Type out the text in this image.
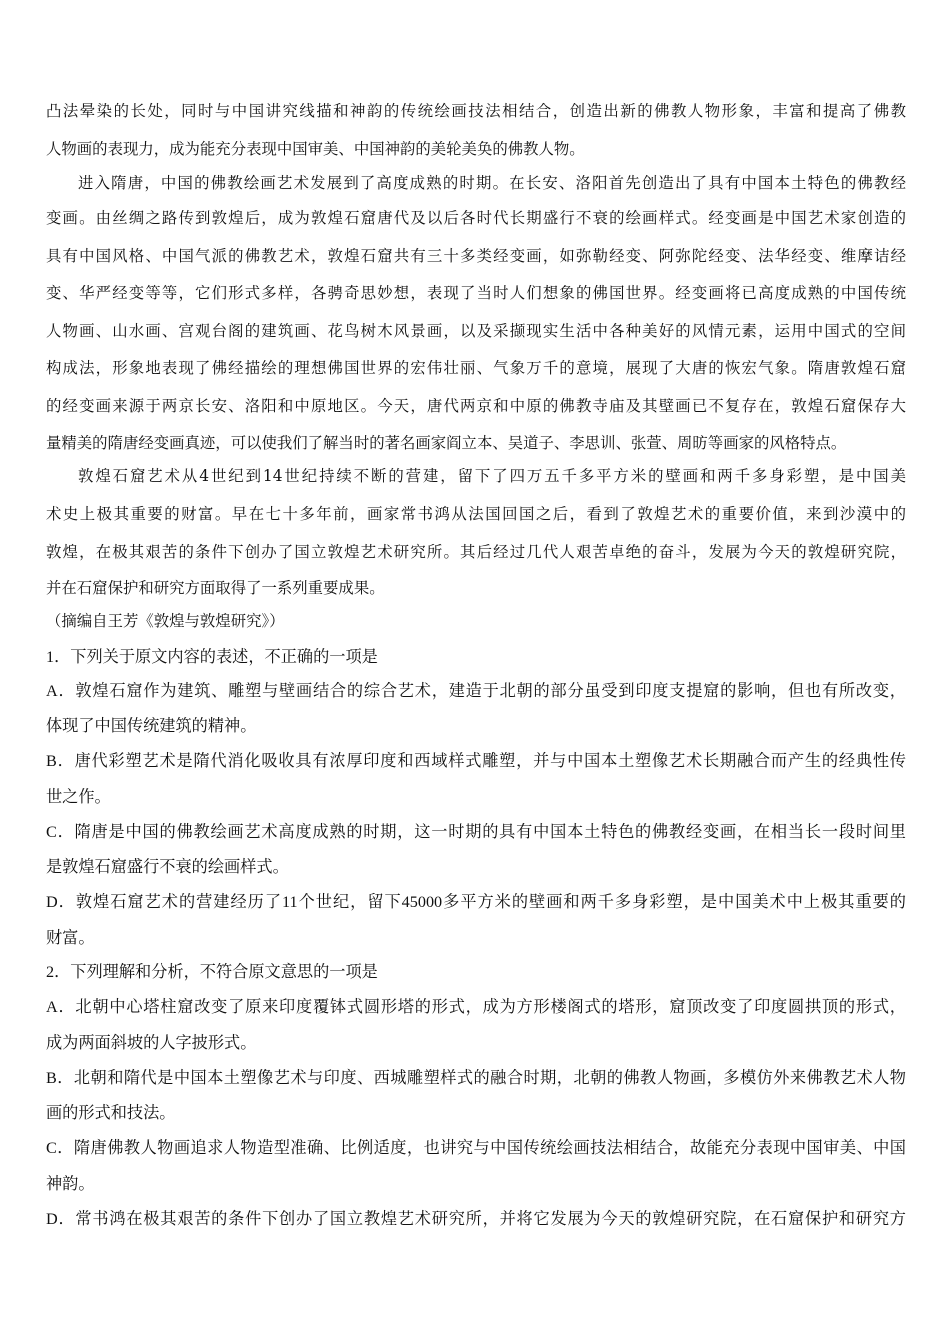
凸法晕染的长处，同时与中国讲究线描和神韵的传统绘画技法相结合，创造出新的佛教人物形象，丰富和提高了佛教
人物画的表现力，成为能充分表现中国审美、中国神韵的美轮美奂的佛教人物。
进入隋唐，中国的佛教绘画艺术发展到了高度成熟的时期。在长安、洛阳首先创造出了具有中国本土特色的佛教经
变画。由丝绸之路传到敦煌后，成为敦煌石窟唐代及以后各时代长期盛行不衰的绘画样式。经变画是中国艺术家创造的
具有中国风格、中国气派的佛教艺术，敦煌石窟共有三十多类经变画，如弥勒经变、阿弥陀经变、法华经变、维摩诘经
变、华严经变等等，它们形式多样，各骋奇思妙想，表现了当时人们想象的佛国世界。经变画将已高度成熟的中国传统
人物画、山水画、宫观台阁的建筑画、花鸟树木风景画，以及采撷现实生活中各种美好的风情元素，运用中国式的空间
构成法，形象地表现了佛经描绘的理想佛国世界的宏伟壮丽、气象万千的意境，展现了大唐的恢宏气象。隋唐敦煌石窟
的经变画来源于两京长安、洛阳和中原地区。今天，唐代两京和中原的佛教寺庙及其壁画已不复存在，敦煌石窟保存大
量精美的隋唐经变画真迹，可以使我们了解当时的著名画家阎立本、吴道子、李思训、张萱、周昉等画家的风格特点。
敦煌石窟艺术从4世纪到14世纪持续不断的营建，留下了四万五千多平方米的壁画和两千多身彩塑，是中国美
术史上极其重要的财富。早在七十多年前，画家常书鸿从法国回国之后，看到了敦煌艺术的重要价值，来到沙漠中的
敦煌，在极其艰苦的条件下创办了国立敦煌艺术研究所。其后经过几代人艰苦卓绝的奋斗，发展为今天的敦煌研究院，
并在石窟保护和研究方面取得了一系列重要成果。
（摘编自王芳《敦煌与敦煌研究》）
1．下列关于原文内容的表述，不正确的一项是
A．敦煌石窟作为建筑、雕塑与壁画结合的综合艺术，建造于北朝的部分虽受到印度支提窟的影响，但也有所改变，
体现了中国传统建筑的精神。
B．唐代彩塑艺术是隋代消化吸收具有浓厚印度和西域样式雕塑，并与中国本土塑像艺术长期融合而产生的经典性传
世之作。
C．隋唐是中国的佛教绘画艺术高度成熟的时期，这一时期的具有中国本土特色的佛教经变画，在相当长一段时间里
是敦煌石窟盛行不衰的绘画样式。
D．敦煌石窟艺术的营建经历了11个世纪，留下45000多平方米的壁画和两千多身彩塑，是中国美术中上极其重要的
财富。
2．下列理解和分析，不符合原文意思的一项是
A．北朝中心塔柱窟改变了原来印度覆钵式圆形塔的形式，成为方形楼阁式的塔形，窟顶改变了印度圆拱顶的形式，
成为两面斜坡的人字披形式。
B．北朝和隋代是中国本土塑像艺术与印度、西城雕塑样式的融合时期，北朝的佛教人物画，多模仿外来佛教艺术人物
画的形式和技法。
C．隋唐佛教人物画追求人物造型准确、比例适度，也讲究与中国传统绘画技法相结合，故能充分表现中国审美、中国
神韵。
D．常书鸿在极其艰苦的条件下创办了国立教煌艺术研究所，并将它发展为今天的敦煌研究院，在石窟保护和研究方
